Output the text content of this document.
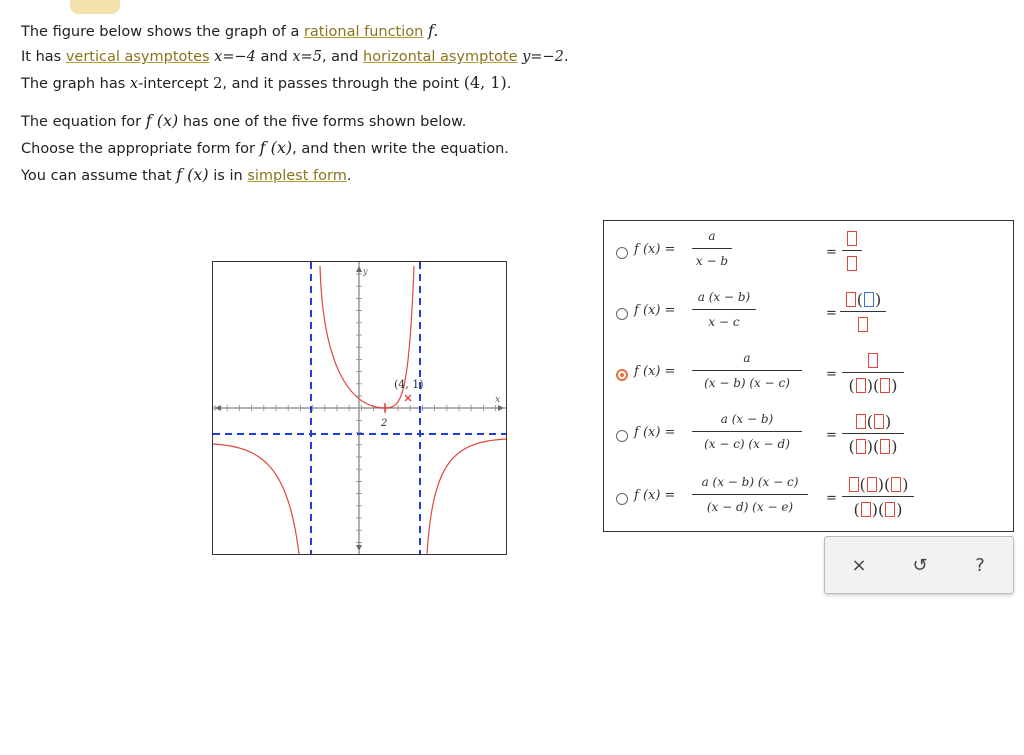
The figure below shows the graph of a rational function f.
It has vertical asymptotes x=−4 and x=5, and horizontal asymptote y=−2.
The graph has x-intercept 2, and it passes through the point (4, 1).
The equation for f (x) has one of the five forms shown below.
Choose the appropriate form for f (x), and then write the equation.
You can assume that f (x) is in simplest form.
y
x
2
(4, 1)
f (x) =
a
x − b
=
f (x) =
a (x − b)
x − c
=
( )
f (x) =
a
(x − b) (x − c)
=
( )( )
f (x) =
a (x − b)
(x − c) (x − d)
=
( )
( )( )
f (x) =
a (x − b) (x − c)
(x − d) (x − e)
=
( )( )
( )( )
×	↺	?
